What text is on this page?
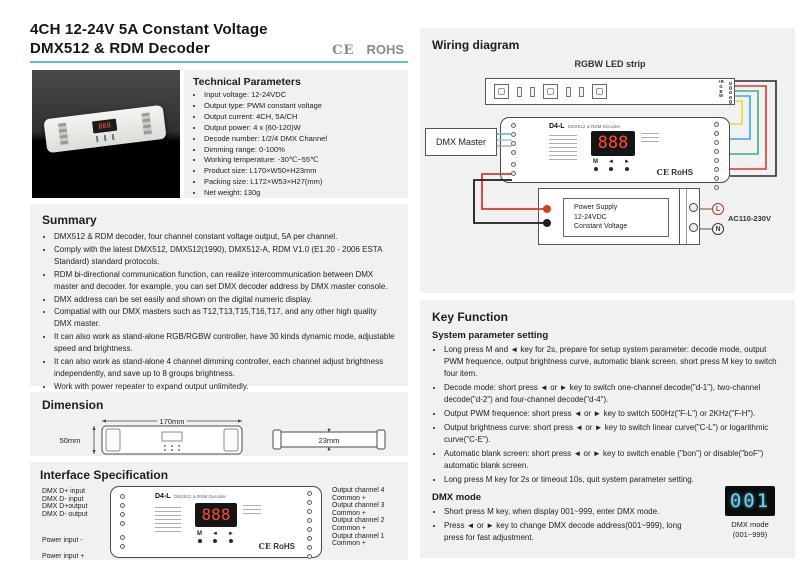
4CH 12-24V 5A Constant Voltage
DMX512 & RDM Decoder	CE ROHS
888
Technical Parameters
• Input voltage: 12-24VDC
• Output type: PWM constant voltage
• Output current: 4CH, 5A/CH
• Output power: 4 x (60-120)W
• Decode number: 1/2/4 DMX Channel
• Dimming range: 0-100%
• Working temperature: -30℃~55℃
• Product size: L170×W50×H23mm
• Packing size: L172×W53×H27(mm)
• Net weight: 130g
Summary
• DMX512 & RDM decoder, four channel constant voltage output, 5A per channel.
• Comply with the latest DMX512, DMX512(1990), DMX512-A, RDM V1.0 (E1.20 - 2006 ESTA Standard) standard protocols.
• RDM bi-directional communication function, can realize intercommunication between DMX master and decoder. for example, you can set DMX decoder address by DMX master console.
• DMX address can be set easily and shown on the digital numeric display.
• Compatial with our DMX masters such as T12,T13,T15,T16,T17, and any other high quality DMX master.
• It can also work as stand-alone RGB/RGBW controller, have 30 kinds dynamic mode, adjustable speed and brightness.
• It can also work as stand-alone 4 channel dimming controller, each channel adjust brightness independently, and save up to 8 groups brightness.
• Work with power repeater to expand output unlimitedly.
Dimension
170mm
50mm	23mm
Interface Specification
DMX D+ input
DMX D- input
DMX D+output
DMX D- output
Power input -
Power input +
D4-L DMX512 & RDM Decoder
888
M ◄ ►
CE RoHS
Output channel 4
Common +
Output channel 3
Common +
Output channel 2
Common +
Output channel 1
Common +
Wiring diagram
RGBW LED strip
+RGBW
DMX Master
D4-L DMX512 & RDM Decoder
888
M ◄ ►
CE RoHS
Power Supply
12-24VDC
Constant Voltage
L
N
AC110-230V
Key Function
System parameter setting
• Long press M and ◄ key for 2s, prepare for setup system parameter: decode mode, output PWM frequence, output brightness curve, automatic blank screen. short press M key to switch four item.
• Decode mode: short press ◄ or ► key to switch one-channel decode("d-1"), two-channel decode("d-2") and four-channel decode("d-4").
• Output PWM frequence: short press ◄ or ► key to switch 500Hz("F-L") or 2KHz("F-H").
• Output brightness curve: short press ◄ or ► key to switch linear curve("C-L") or logarithmic curve("C-E").
• Automatic blank screen: short press ◄ or ► key to switch enable ("bon") or disable("boF") automatic blank screen.
• Long press M key for 2s or timeout 10s, quit system parameter setting.
DMX mode
• Short press M key, when display 001~999, enter DMX mode.
• Press ◄ or ► key to change DMX decode address(001~999), long press for fast adjustment.
001
DMX mode
(001~999)
